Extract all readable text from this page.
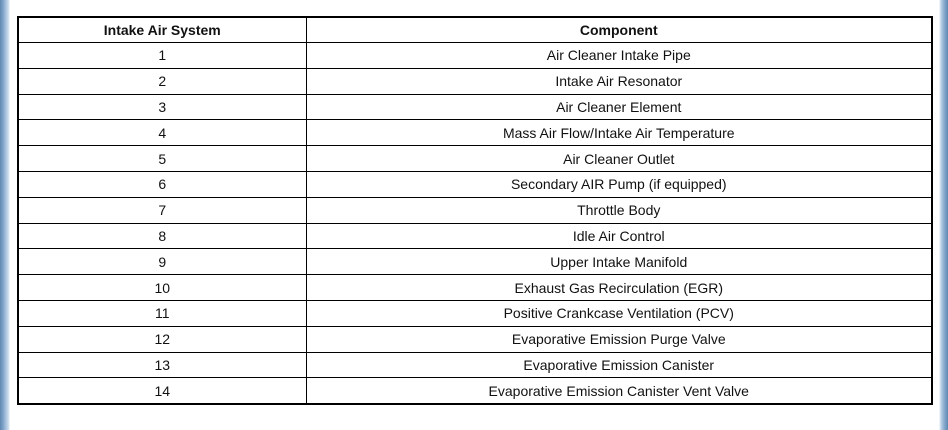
Intake Air System	Component
1	Air Cleaner Intake Pipe
2	Intake Air Resonator
3	Air Cleaner Element
4	Mass Air Flow/Intake Air Temperature
5	Air Cleaner Outlet
6	Secondary AIR Pump (if equipped)
7	Throttle Body
8	Idle Air Control
9	Upper Intake Manifold
10	Exhaust Gas Recirculation (EGR)
11	Positive Crankcase Ventilation (PCV)
12	Evaporative Emission Purge Valve
13	Evaporative Emission Canister
14	Evaporative Emission Canister Vent Valve
